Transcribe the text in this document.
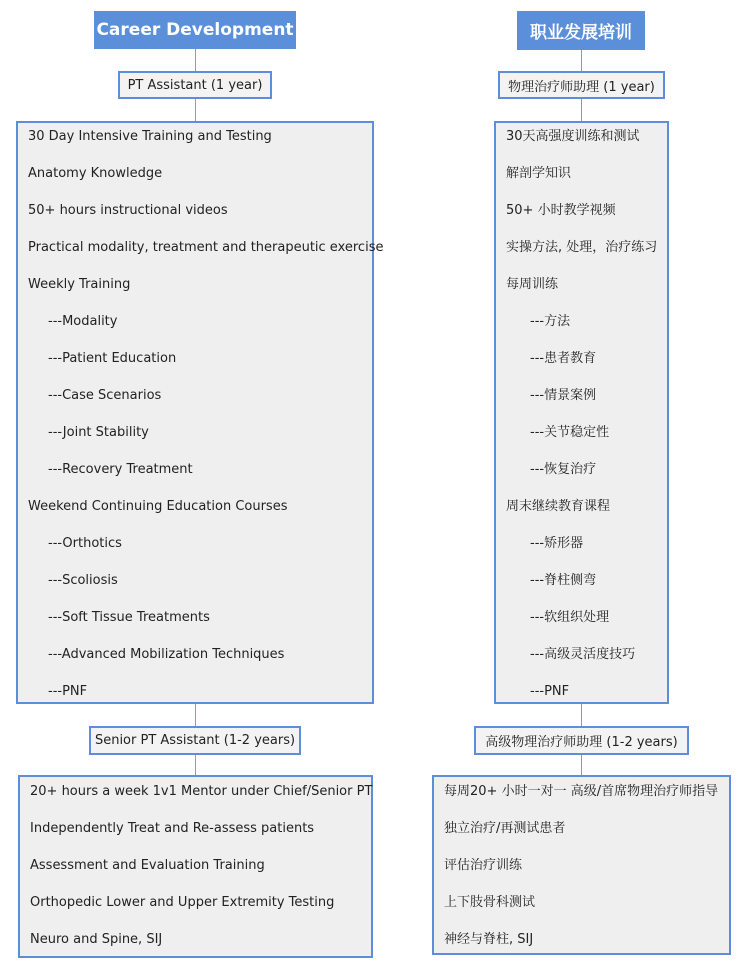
Career Development
PT Assistant (1 year)
Senior PT Assistant (1-2 years)
职业发展培训
物理治疗师助理 (1 year)
高级物理治疗师助理 (1-2 years)
30 Day Intensive Training and Testing
Anatomy Knowledge
50+ hours instructional videos
Practical modality, treatment and therapeutic exercise
Weekly Training
---Modality
---Patient Education
---Case Scenarios
---Joint Stability
---Recovery Treatment
Weekend Continuing Education Courses
---Orthotics
---Scoliosis
---Soft Tissue Treatments
---Advanced Mobilization Techniques
---PNF
20+ hours a week 1v1 Mentor under Chief/Senior PT
Independently Treat and Re-assess patients
Assessment and Evaluation Training
Orthopedic Lower and Upper Extremity Testing
Neuro and Spine, SIJ
30天高强度训练和测试
解剖学知识
50+ 小时教学视频
实操方法, 处理，治疗练习
每周训练
---方法
---患者教育
---情景案例
---关节稳定性
---恢复治疗
周末继续教育课程
---矫形器
---脊柱侧弯
---软组织处理
---高级灵活度技巧
---PNF
每周20+ 小时一对一 高级/首席物理治疗师指导
独立治疗/再测试患者
评估治疗训练
上下肢骨科测试
神经与脊柱, SIJ
